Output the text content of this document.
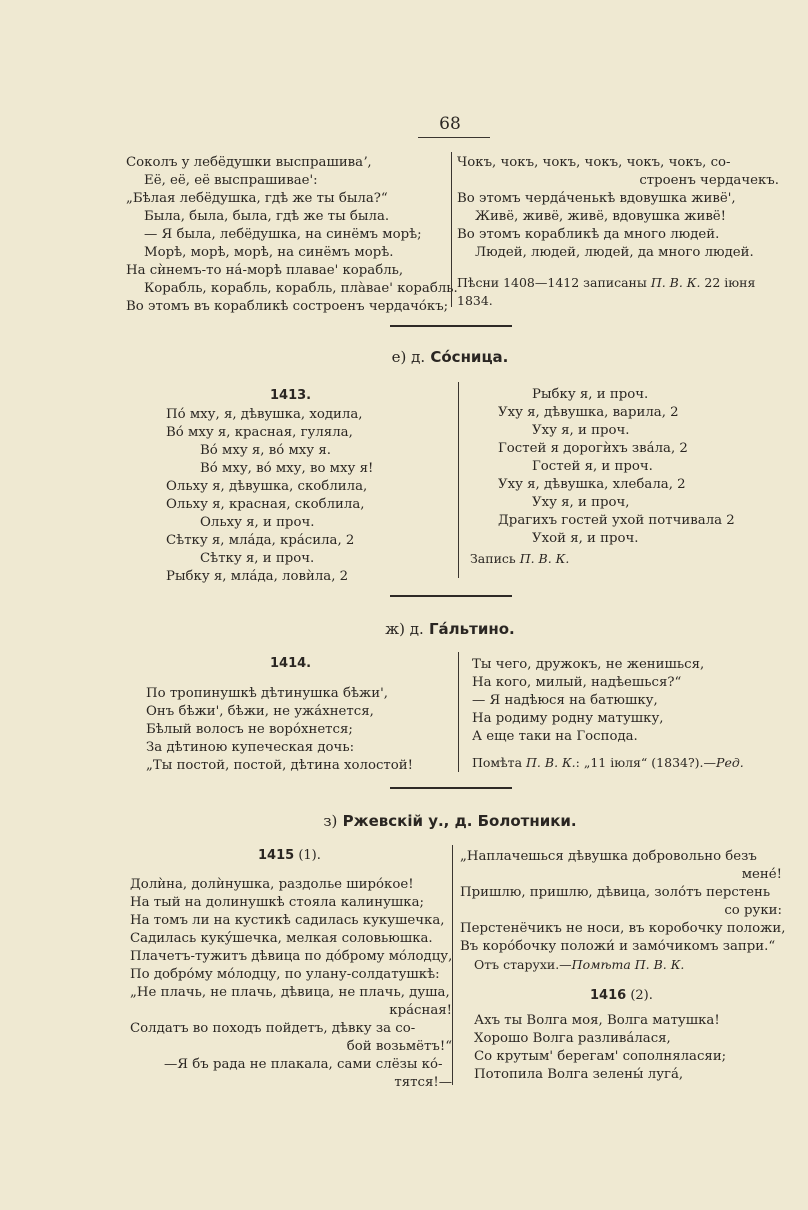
68
Соколъ у лебёдушки выспрашиваʼ,
Её, её, её выспрашивае':
„Бѣлая лебёдушка, гдѣ же ты была?“
Была, была, была, гдѣ же ты была.
— Я была, лебёдушка, на синёмъ морѣ;
Морѣ, морѣ, морѣ, на синёмъ морѣ.
На сѝнемъ-то нá-морѣ плавае' корабль,
Корабль, корабль, корабль, плàвае' корабль.
Во этомъ въ корабликѣ состроенъ чердачо́къ;
Чокъ, чокъ, чокъ, чокъ, чокъ, чокъ, со-
строенъ чердачекъ.
Во этомъ чердáченькѣ вдовушка живё',
Живё, живё, живё, вдовушка живё!
Во этомъ корабликѣ да много людей.
Людей, людей, людей, да много людей.
Пѣсни 1408—1412 записаны П. В. К. 22 іюня
1834.
е) д. Со́сница.
1413.
По́ мху, я, дѣвушка, ходила,
Во́ мху я, красная, гуляла,
Во́ мху я, во́ мху я.
Во́ мху, во́ мху, во мху я!
Ольху я, дѣвушка, скоблила,
Ольху я, красная, скоблила,
Ольху я, и проч.
Сѣтку я, млáда, крáсила, 2
Сѣтку я, и проч.
Рыбку я, млáда, ловѝла, 2
Рыбку я, и проч.
Уху я, дѣвушка, варила, 2
Уху я, и проч.
Гостей я дорогѝхъ звáла, 2
Гостей я, и проч.
Уху я, дѣвушка, хлебала, 2
Уху я, и проч,
Драгихъ гостей ухой потчивала 2
Ухой я, и проч.
Запись П. В. К.
ж) д. Гáльтино.
1414.
По тропинушкѣ дѣтинушка бѣжи',
Онъ бѣжи', бѣжи, не ужáхнется,
Бѣлый волосъ не воро́хнется;
За дѣтиною купеческая дочь:
„Ты постой, постой, дѣтина холостой!
Ты чего, дружокъ, не женишься,
На кого, милый, надѣешься?“
— Я надѣюся на батюшку,
На родиму родну матушку,
А еще таки на Господа.
Помѣта П. В. К.: „11 іюля“ (1834?).—Ред.
з) Ржевскій у., д. Болотники.
1415 (1).
Долѝна, долѝнушка, раздолье широ́кое!
На тый на долинушкѣ стояла калинушка;
На томъ ли на кустикѣ садилась кукушечка,
Садилась кукýшечка, мелкая соловьюшка.
Плачетъ-тужитъ дѣвица по до́брому мо́лодцу,
По добро́му мо́лодцу, по улану-солдатушкѣ:
„Не плачь, не плачь, дѣвица, не плачь, душа,
крáсная!
Солдатъ во походъ пойдетъ, дѣвку за со-
бой возьмётъ!“
—Я бъ рада не плакала, сами слёзы ко́-
тятся!—
„Наплачешься дѣвушка добровольно безъ
мене́!
Пришлю, пришлю, дѣвица, золо́тъ перстень
со руки:
Перстенёчикъ не носи, въ коробочку положи,
Въ коро́бочку положи́ и замо́чикомъ запри.“
Отъ старухи.—Помѣта П. В. К.
1416 (2).
Ахъ ты Волга моя, Волга матушка!
Хорошо Волга разливáлася,
Со крутым' берегам' сополняласяи;
Потопила Волга зелены́ лугá,
